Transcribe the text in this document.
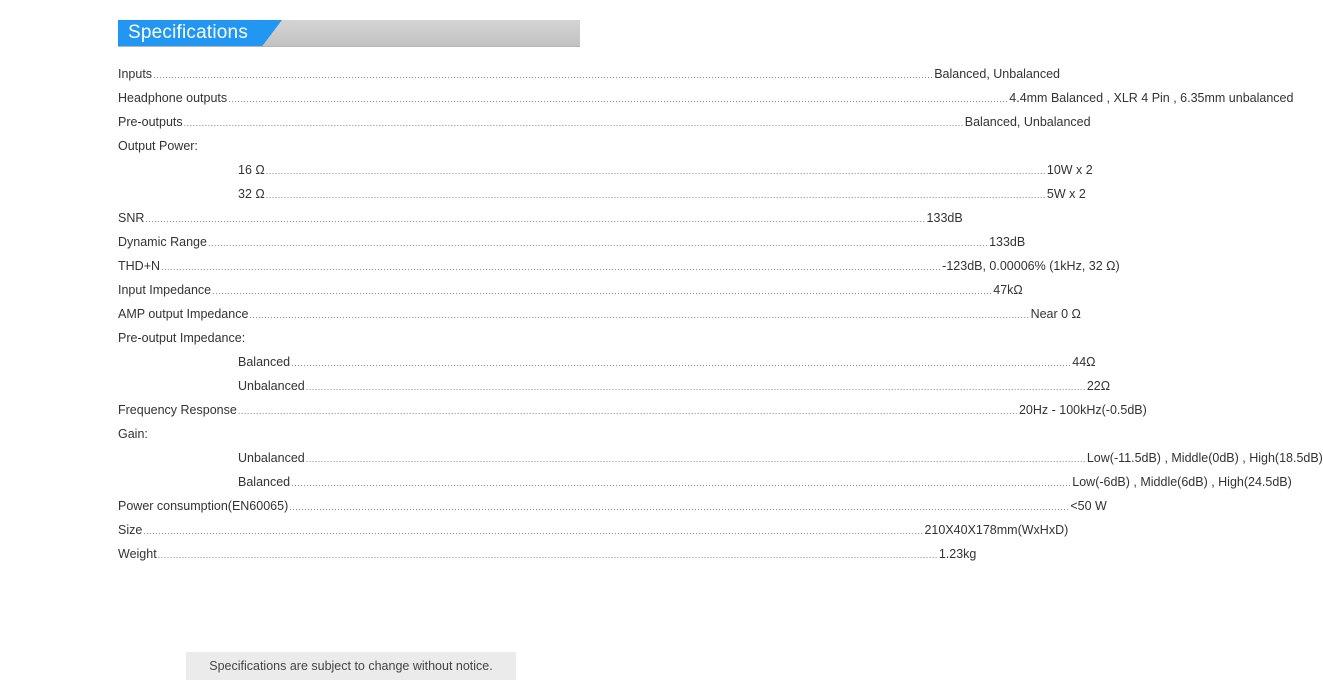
Specifications
Inputs .................................................................................................................................................................................................................................................................... Balanced, Unbalanced
Headphone outputs .................................................................................................................................................................................................................................................................... 4.4mm Balanced , XLR 4 Pin , 6.35mm unbalanced
Pre-outputs .................................................................................................................................................................................................................................................................... Balanced, Unbalanced
Output Power:
16 Ω .................................................................................................................................................................................................................................................................... 10W x 2
32 Ω .................................................................................................................................................................................................................................................................... 5W x 2
SNR .................................................................................................................................................................................................................................................................... 133dB
Dynamic Range .................................................................................................................................................................................................................................................................... 133dB
THD+N .................................................................................................................................................................................................................................................................... -123dB, 0.00006% (1kHz, 32 Ω)
Input Impedance .................................................................................................................................................................................................................................................................... 47kΩ
AMP output Impedance .................................................................................................................................................................................................................................................................... Near 0 Ω
Pre-output Impedance:
Balanced .................................................................................................................................................................................................................................................................... 44Ω
Unbalanced .................................................................................................................................................................................................................................................................... 22Ω
Frequency Response .................................................................................................................................................................................................................................................................... 20Hz - 100kHz(-0.5dB)
Gain:
Unbalanced .................................................................................................................................................................................................................................................................... Low(-11.5dB) , Middle(0dB) , High(18.5dB)
Balanced .................................................................................................................................................................................................................................................................... Low(-6dB) , Middle(6dB) , High(24.5dB)
Power consumption(EN60065) .................................................................................................................................................................................................................................................................... <50 W
Size .................................................................................................................................................................................................................................................................... 210X40X178mm(WxHxD)
Weight .................................................................................................................................................................................................................................................................... 1.23kg
Specifications are subject to change without notice.
